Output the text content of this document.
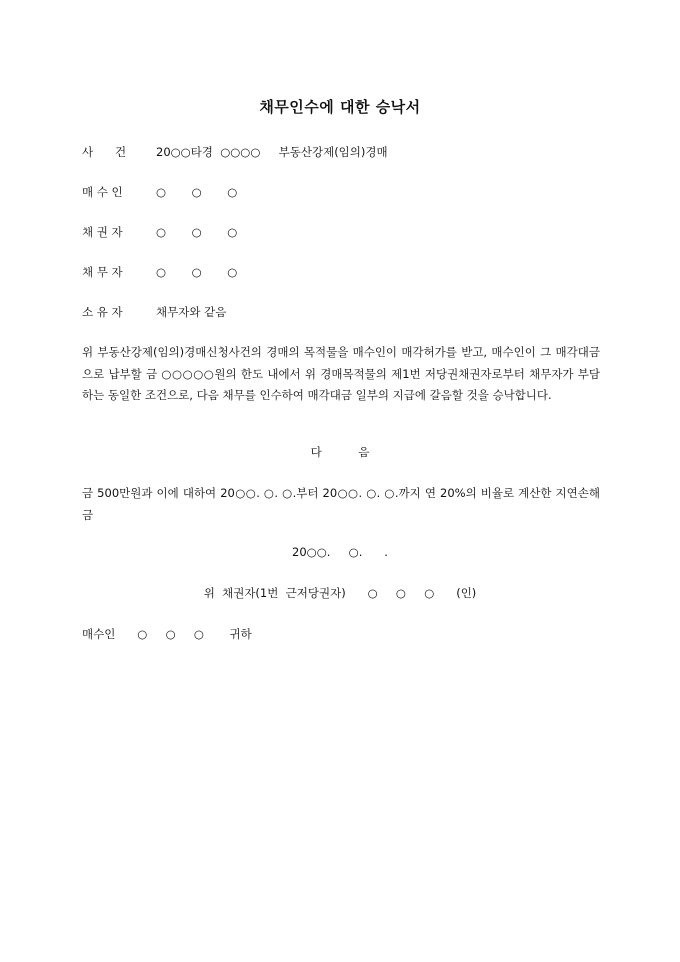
채무인수에 대한 승낙서
사      건	20○○타경  ○○○○     부동산강제(임의)경매
매 수 인	○       ○       ○
채 권 자	○       ○       ○
채 무 자	○       ○       ○
소 유 자	채무자와 같음
위 부동산강제(임의)경매신청사건의 경매의 목적물을 매수인이 매각허가를 받고, 매수인이 그 매각대금으로 납부할 금 ○○○○○원의 한도 내에서 위 경매목적물의 제1번 저당권채권자로부터 채무자가 부담하는 동일한 조건으로, 다음 채무를 인수하여 매각대금 일부의 지급에 갈음할 것을 승낙합니다.
다          음
금 500만원과 이에 대하여 20○○. ○. ○.부터 20○○. ○. ○.까지 연 20%의 비율로 계산한 지연손해금
20○○.     ○.      .
위  채권자(1번  근저당권자)      ○     ○     ○      (인)
매수인      ○     ○     ○       귀하
